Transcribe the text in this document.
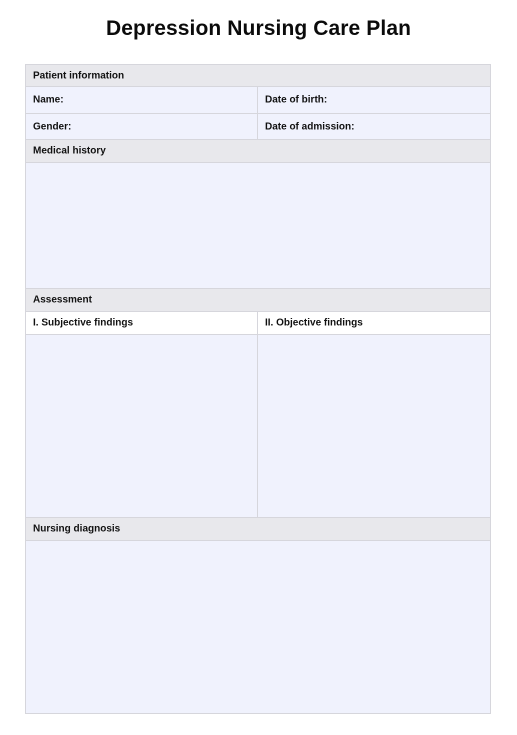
Depression Nursing Care Plan
Patient information
Name:	Date of birth:
Gender:	Date of admission:
Medical history
Assessment
I. Subjective findings	II. Objective findings
Nursing diagnosis
